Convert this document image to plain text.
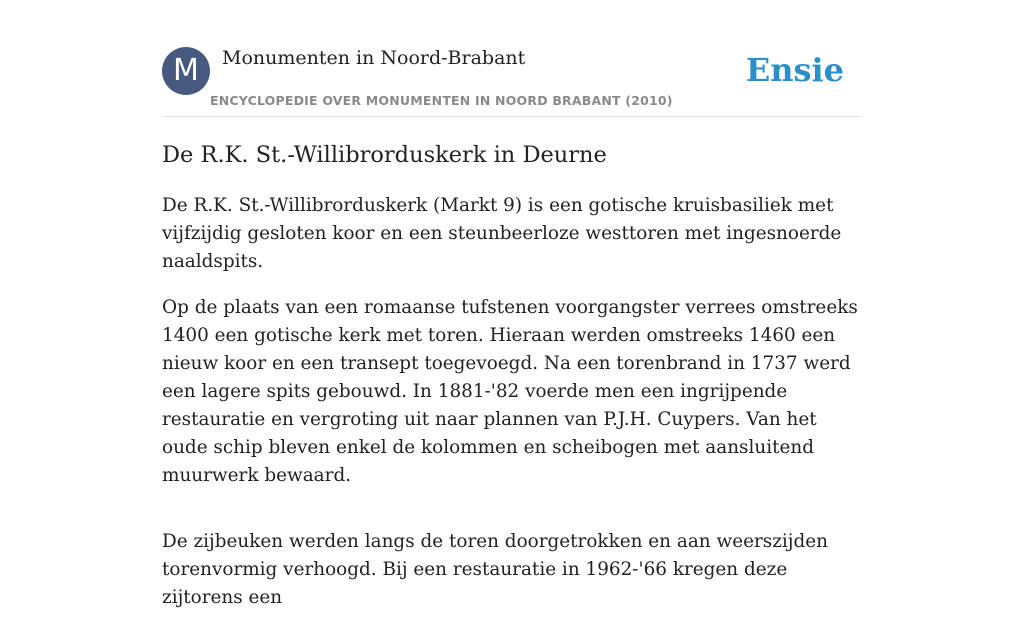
M	Monumenten in Noord-Brabant
ENCYCLOPEDIE OVER MONUMENTEN IN NOORD BRABANT (2010)
Ensie
De R.K. St.-Willibrorduskerk in Deurne

De R.K. St.-Willibrorduskerk (Markt 9) is een gotische kruisbasiliek met vijfzijdig gesloten koor en een steunbeerloze westtoren met ingesnoerde naaldspits.

Op de plaats van een romaanse tufstenen voorgangster verrees omstreeks 1400 een gotische kerk met toren. Hieraan werden omstreeks 1460 een nieuw koor en een transept toegevoegd. Na een torenbrand in 1737 werd een lagere spits gebouwd. In 1881-'82 voerde men een ingrijpende restauratie en vergroting uit naar plannen van P.J.H. Cuypers. Van het oude schip bleven enkel de kolommen en scheibogen met aansluitend muurwerk bewaard.

De zijbeuken werden langs de toren doorgetrokken en aan weerszijden torenvormig verhoogd. Bij een restauratie in 1962-'66 kregen deze zijtorens een
